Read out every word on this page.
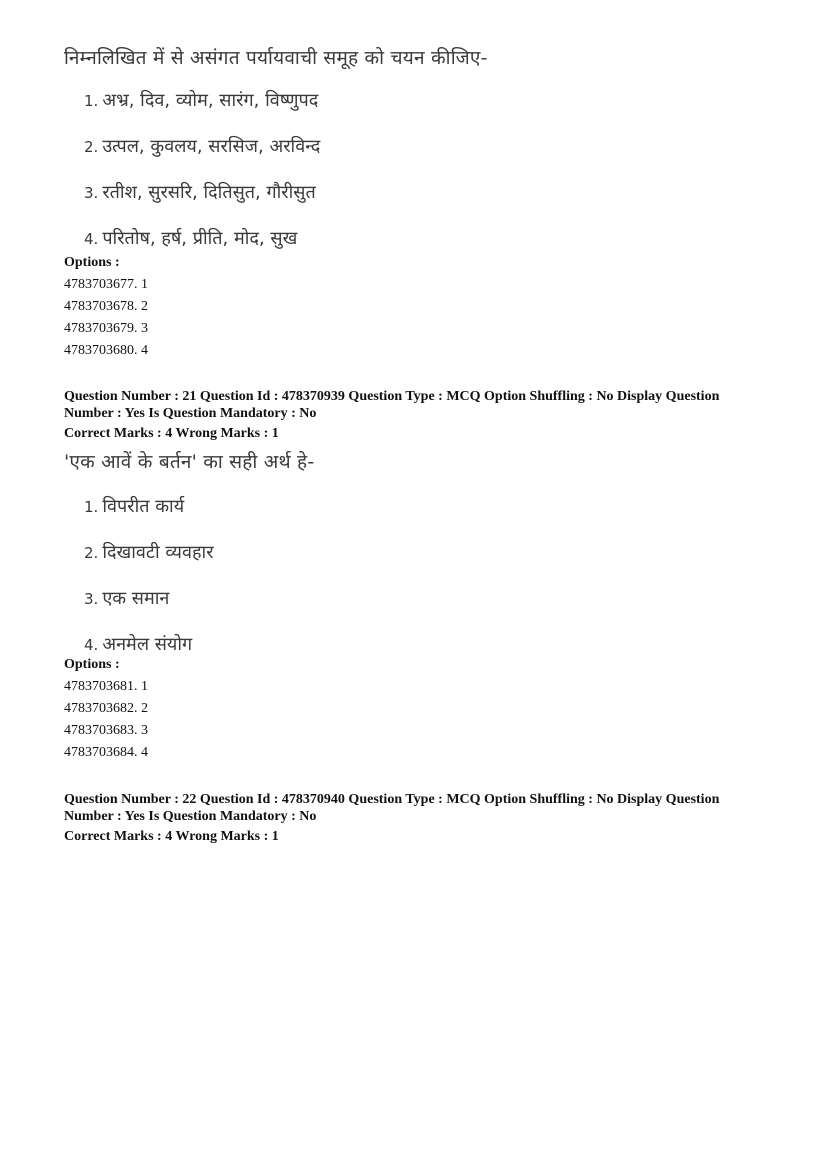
निम्नलिखित में से असंगत पर्यायवाची समूह को चयन कीजिए-
1. अभ्र, दिव, व्योम, सारंग, विष्णुपद
2. उत्पल, कुवलय, सरसिज, अरविन्द
3. रतीश, सुरसरि, दितिसुत, गौरीसुत
4. परितोष, हर्ष, प्रीति, मोद, सुख
Options :
4783703677. 1
4783703678. 2
4783703679. 3
4783703680. 4
Question Number : 21 Question Id : 478370939 Question Type : MCQ Option Shuffling : No Display Question
Number : Yes Is Question Mandatory : No
Correct Marks : 4 Wrong Marks : 1
'एक आवें के बर्तन' का सही अर्थ हे-
1. विपरीत कार्य
2. दिखावटी व्यवहार
3. एक समान
4. अनमेल संयोग
Options :
4783703681. 1
4783703682. 2
4783703683. 3
4783703684. 4
Question Number : 22 Question Id : 478370940 Question Type : MCQ Option Shuffling : No Display Question
Number : Yes Is Question Mandatory : No
Correct Marks : 4 Wrong Marks : 1
